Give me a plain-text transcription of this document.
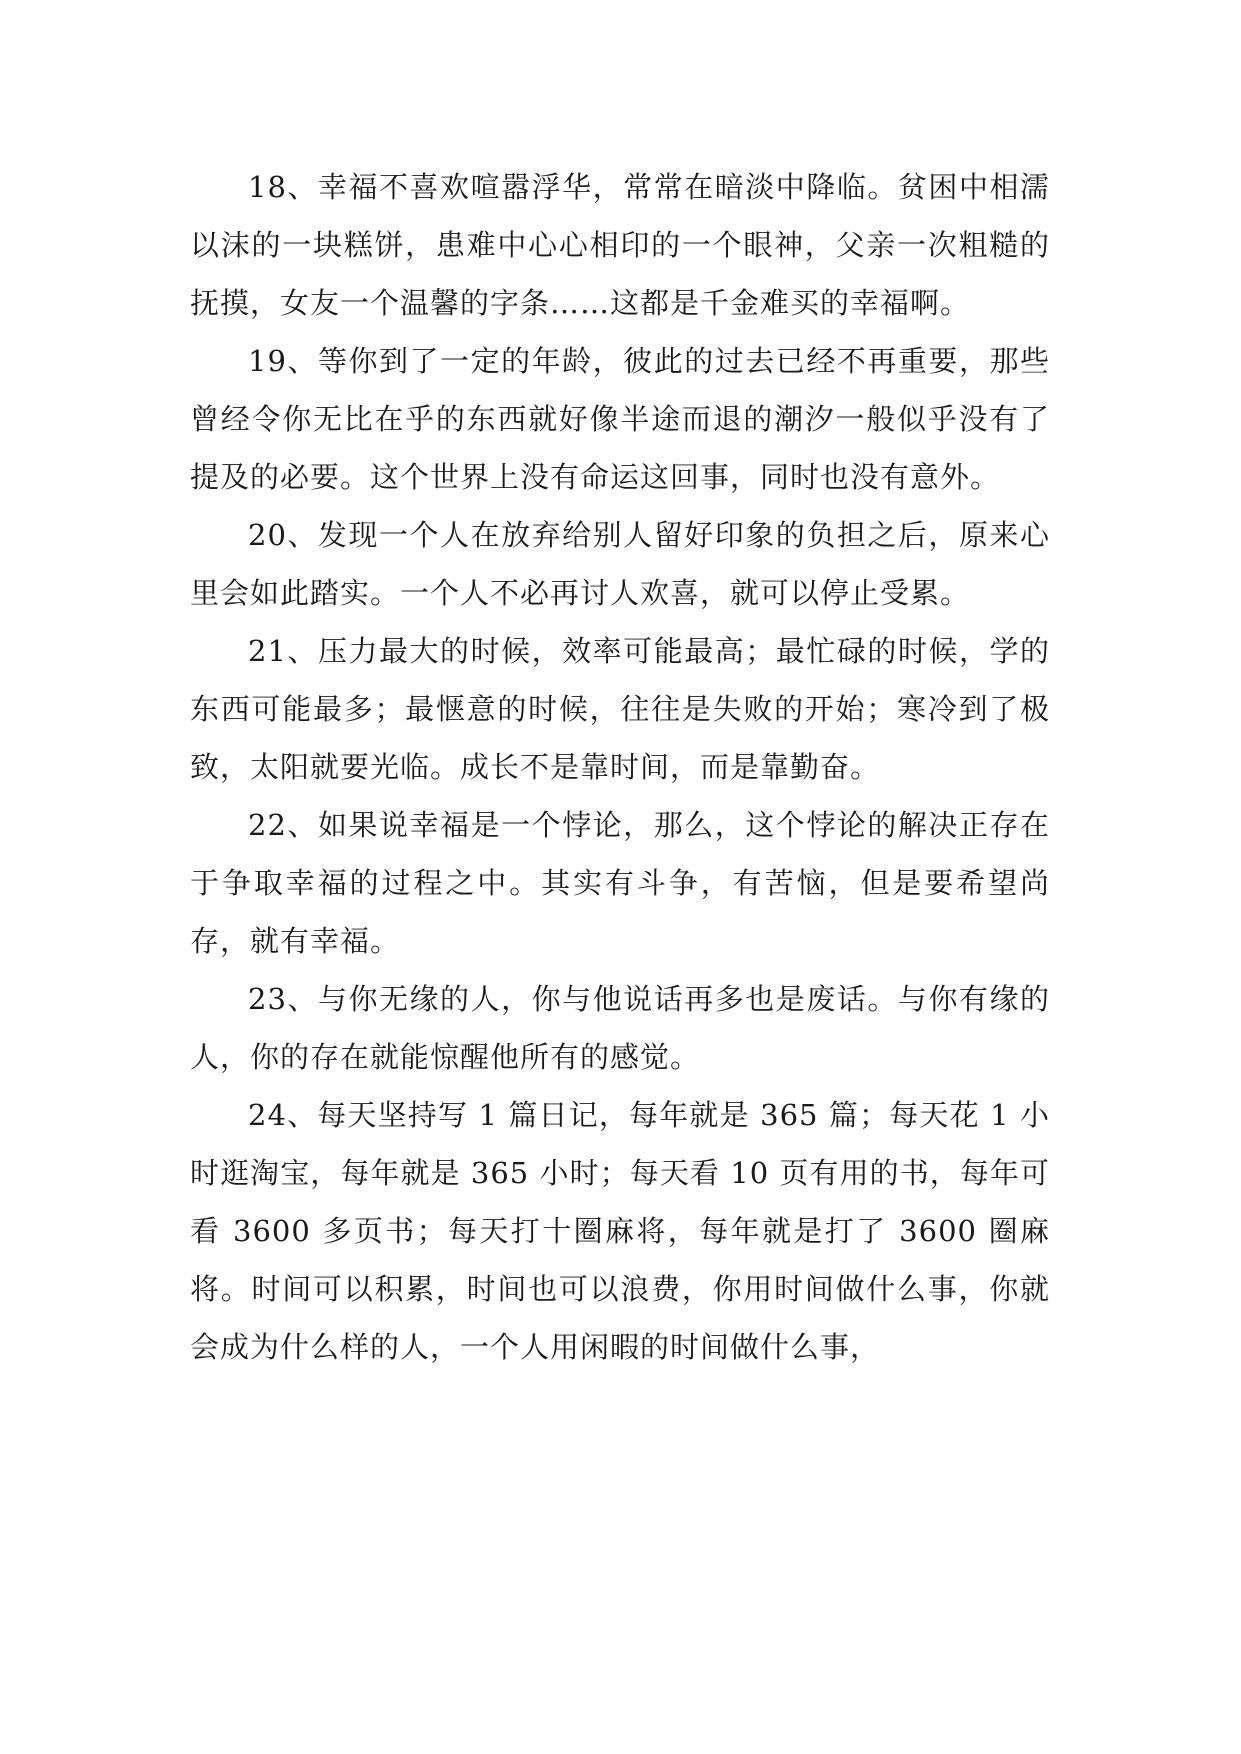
18、幸福不喜欢喧嚣浮华，常常在暗淡中降临。贫困中相濡以沫的一块糕饼，患难中心心相印的一个眼神，父亲一次粗糙的抚摸，女友一个温馨的字条……这都是千金难买的幸福啊。

19、等你到了一定的年龄，彼此的过去已经不再重要，那些曾经令你无比在乎的东西就好像半途而退的潮汐一般似乎没有了提及的必要。这个世界上没有命运这回事，同时也没有意外。

20、发现一个人在放弃给别人留好印象的负担之后，原来心里会如此踏实。一个人不必再讨人欢喜，就可以停止受累。

21、压力最大的时候，效率可能最高；最忙碌的时候，学的东西可能最多；最惬意的时候，往往是失败的开始；寒冷到了极致，太阳就要光临。成长不是靠时间，而是靠勤奋。

22、如果说幸福是一个悖论，那么，这个悖论的解决正存在于争取幸福的过程之中。其实有斗争，有苦恼，但是要希望尚存，就有幸福。

23、与你无缘的人，你与他说话再多也是废话。与你有缘的人，你的存在就能惊醒他所有的感觉。

24、每天坚持写 1 篇日记，每年就是 365 篇；每天花 1 小时逛淘宝，每年就是 365 小时；每天看 10 页有用的书，每年可看 3600 多页书；每天打十圈麻将，每年就是打了 3600 圈麻将。时间可以积累，时间也可以浪费，你用时间做什么事，你就会成为什么样的人，一个人用闲暇的时间做什么事，
